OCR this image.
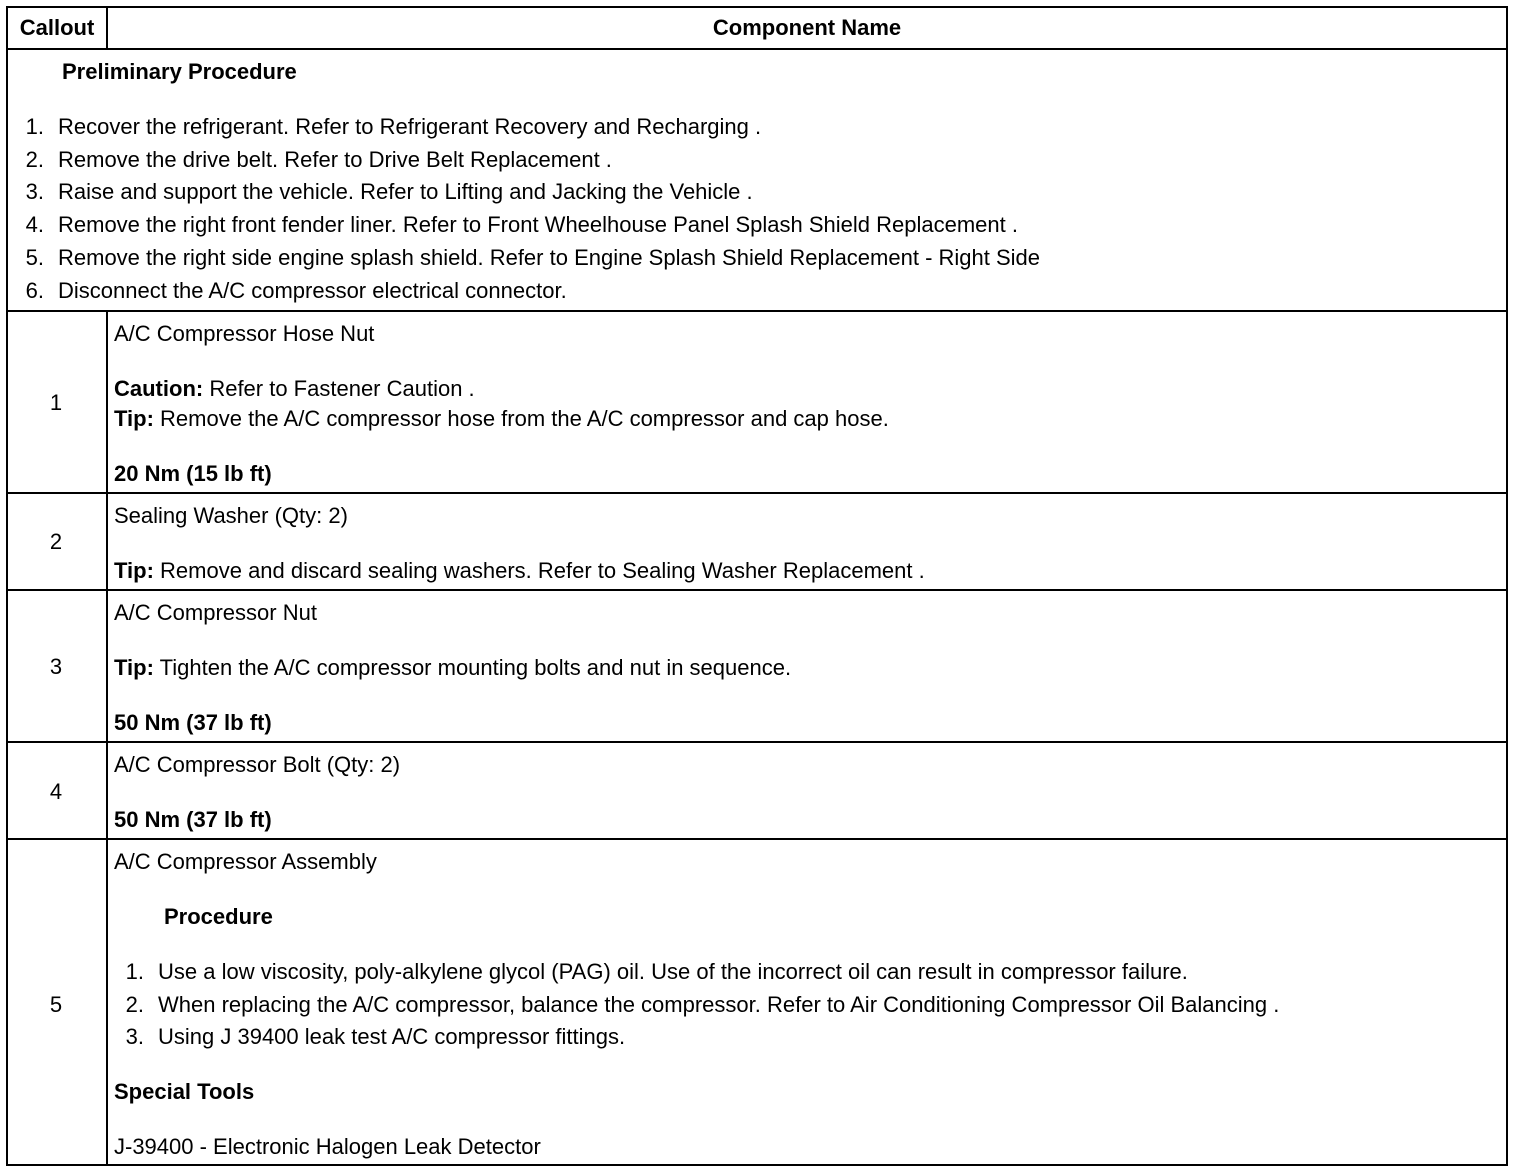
Callout	Component Name
Preliminary Procedure
1. Recover the refrigerant. Refer to Refrigerant Recovery and Recharging .
2. Remove the drive belt. Refer to Drive Belt Replacement .
3. Raise and support the vehicle. Refer to Lifting and Jacking the Vehicle .
4. Remove the right front fender liner. Refer to Front Wheelhouse Panel Splash Shield Replacement .
5. Remove the right side engine splash shield. Refer to Engine Splash Shield Replacement - Right Side
6. Disconnect the A/C compressor electrical connector.
1
A/C Compressor Hose Nut
Caution: Refer to Fastener Caution .
Tip: Remove the A/C compressor hose from the A/C compressor and cap hose.
20 Nm (15 lb ft)
2
Sealing Washer (Qty: 2)
Tip: Remove and discard sealing washers. Refer to Sealing Washer Replacement .
3
A/C Compressor Nut
Tip: Tighten the A/C compressor mounting bolts and nut in sequence.
50 Nm (37 lb ft)
4
A/C Compressor Bolt (Qty: 2)
50 Nm (37 lb ft)
5
A/C Compressor Assembly
Procedure
1. Use a low viscosity, poly-alkylene glycol (PAG) oil. Use of the incorrect oil can result in compressor failure.
2. When replacing the A/C compressor, balance the compressor. Refer to Air Conditioning Compressor Oil Balancing .
3. Using J 39400 leak test A/C compressor fittings.
Special Tools
J-39400 - Electronic Halogen Leak Detector
